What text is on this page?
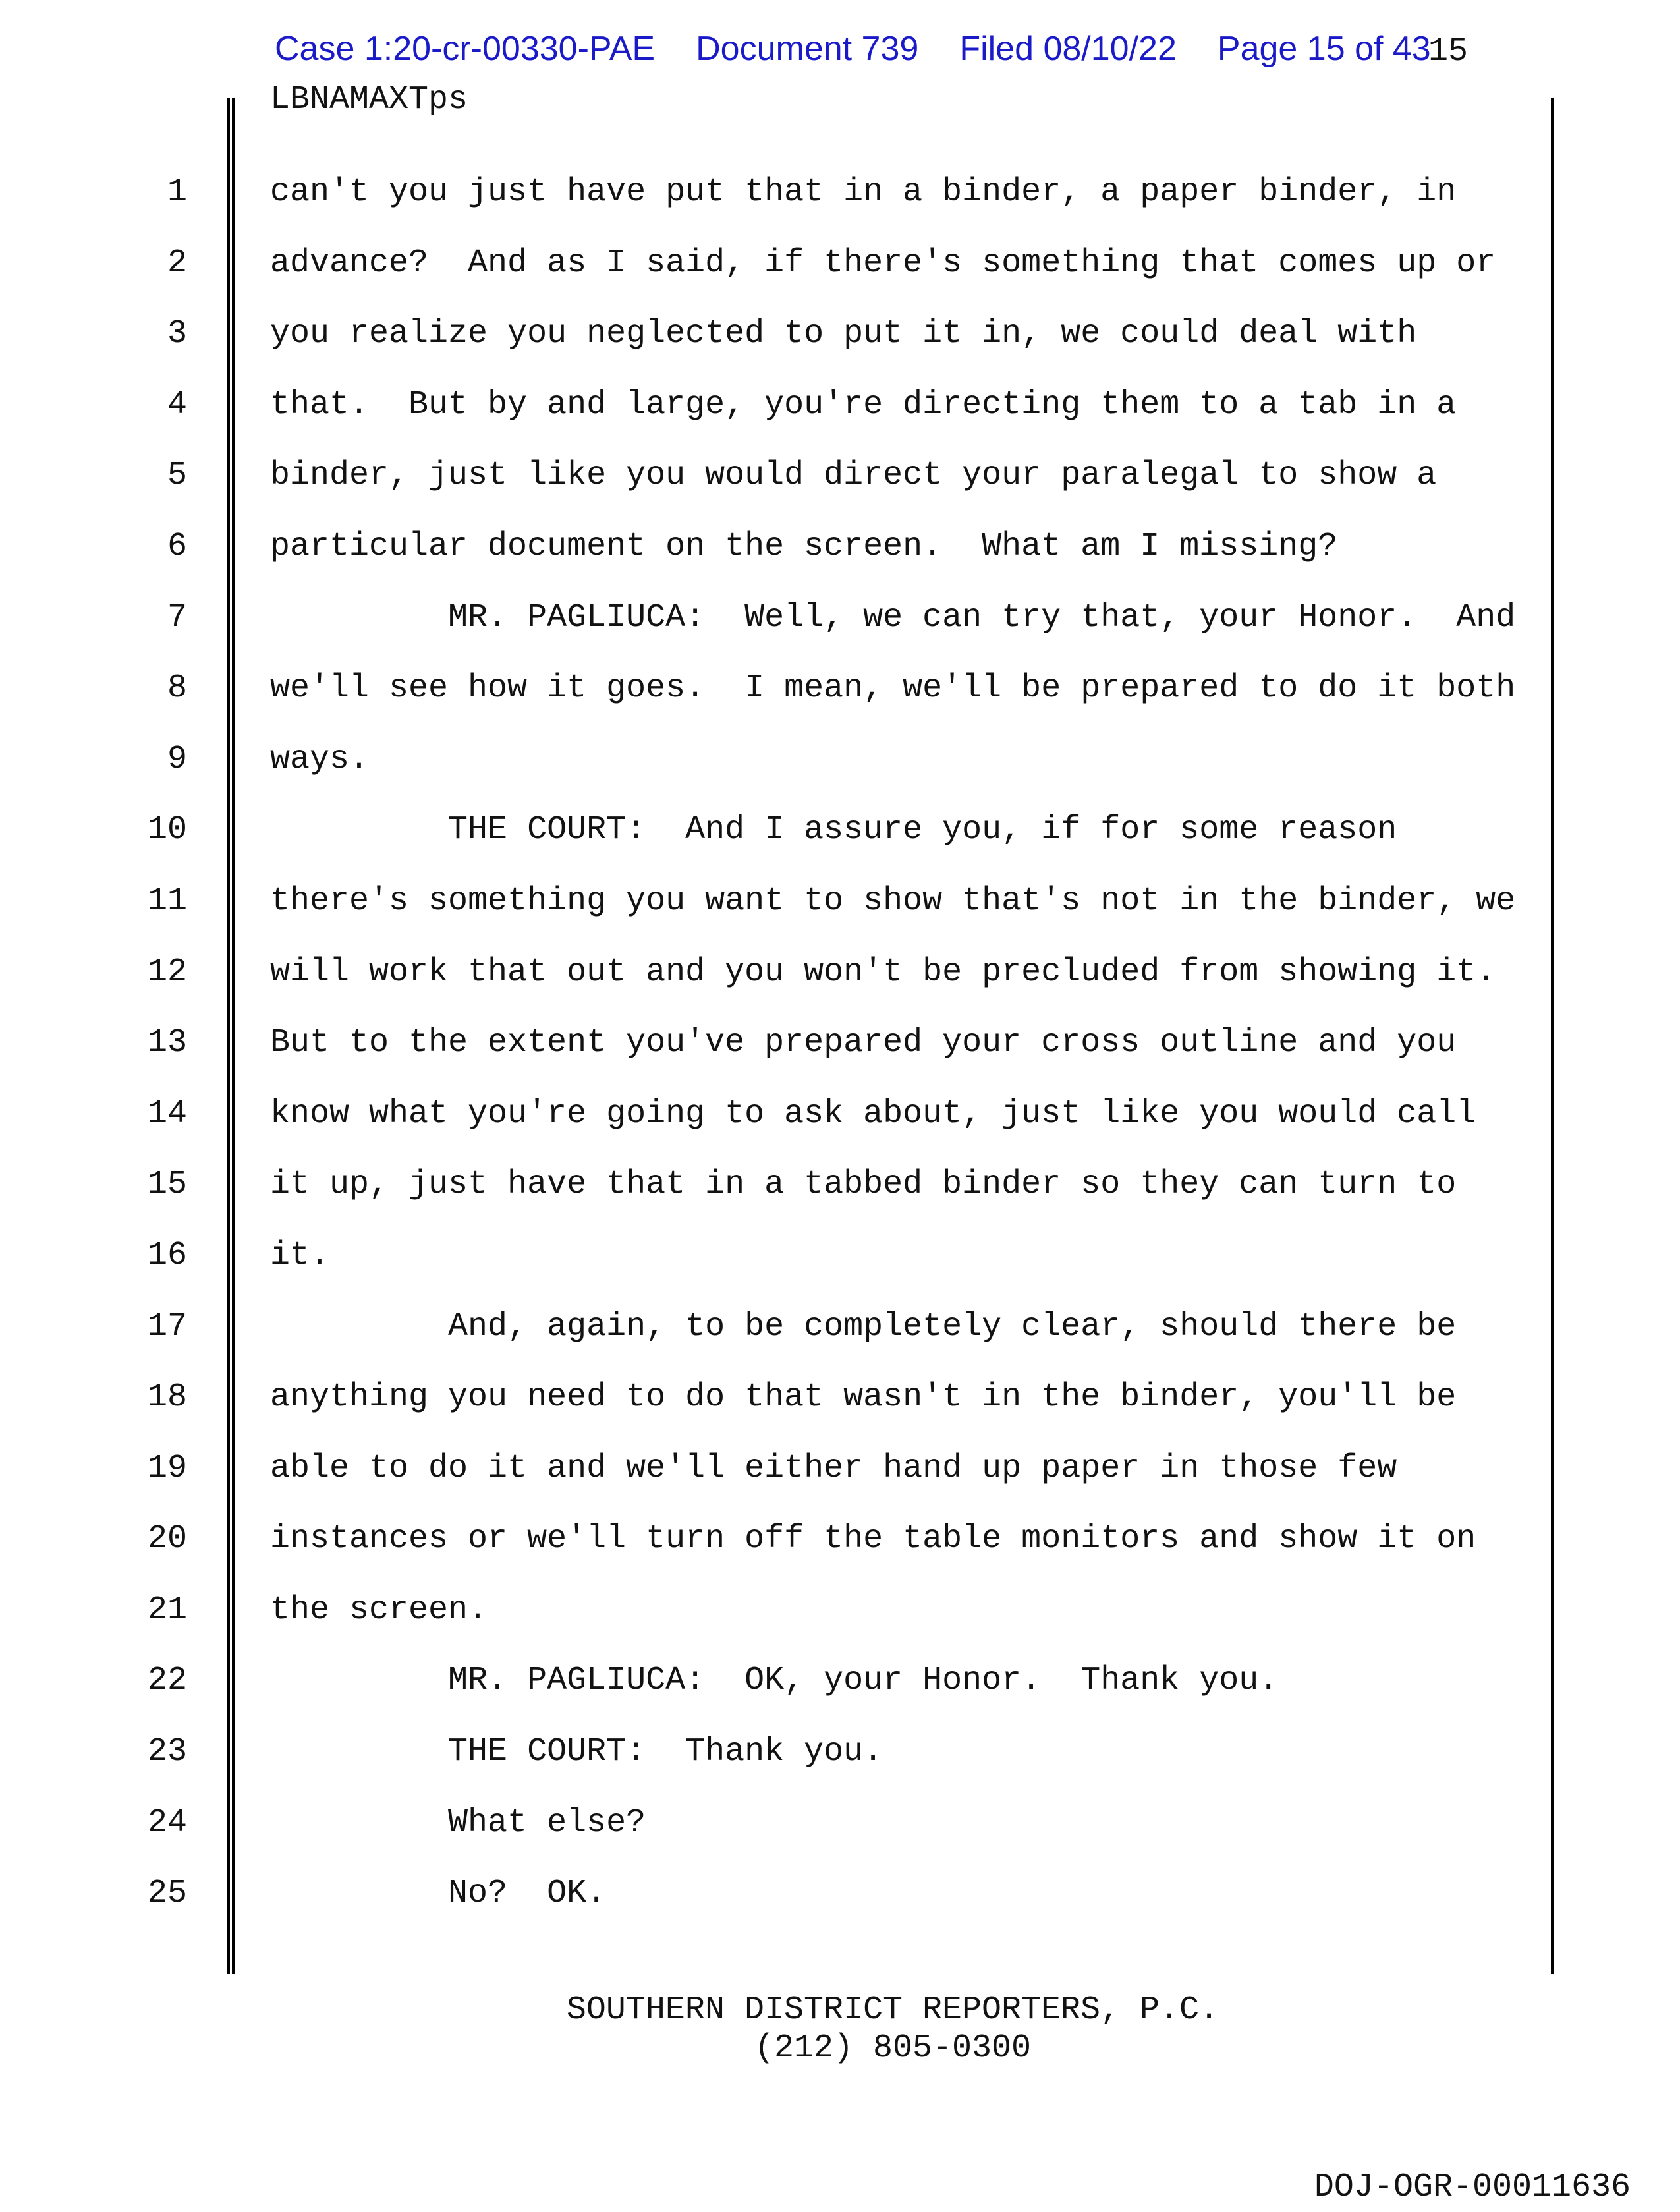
Case 1:20-cr-00330-PAE Document 739 Filed 08/10/22 Page 15 of 43
15
LBNAMAXTps
1
2
3
4
5
6
7
8
9
10
11
12
13
14
15
16
17
18
19
20
21
22
23
24
25
can't you just have put that in a binder, a paper binder, in
advance?  And as I said, if there's something that comes up or
you realize you neglected to put it in, we could deal with
that.  But by and large, you're directing them to a tab in a
binder, just like you would direct your paralegal to show a
particular document on the screen.  What am I missing?
MR. PAGLIUCA:  Well, we can try that, your Honor.  And
we'll see how it goes.  I mean, we'll be prepared to do it both
ways.
THE COURT:  And I assure you, if for some reason
there's something you want to show that's not in the binder, we
will work that out and you won't be precluded from showing it.
But to the extent you've prepared your cross outline and you
know what you're going to ask about, just like you would call
it up, just have that in a tabbed binder so they can turn to
it.
And, again, to be completely clear, should there be
anything you need to do that wasn't in the binder, you'll be
able to do it and we'll either hand up paper in those few
instances or we'll turn off the table monitors and show it on
the screen.
MR. PAGLIUCA:  OK, your Honor.  Thank you.
THE COURT:  Thank you.
What else?
No?  OK.
SOUTHERN DISTRICT REPORTERS, P.C.
(212) 805-0300
DOJ-OGR-00011636
